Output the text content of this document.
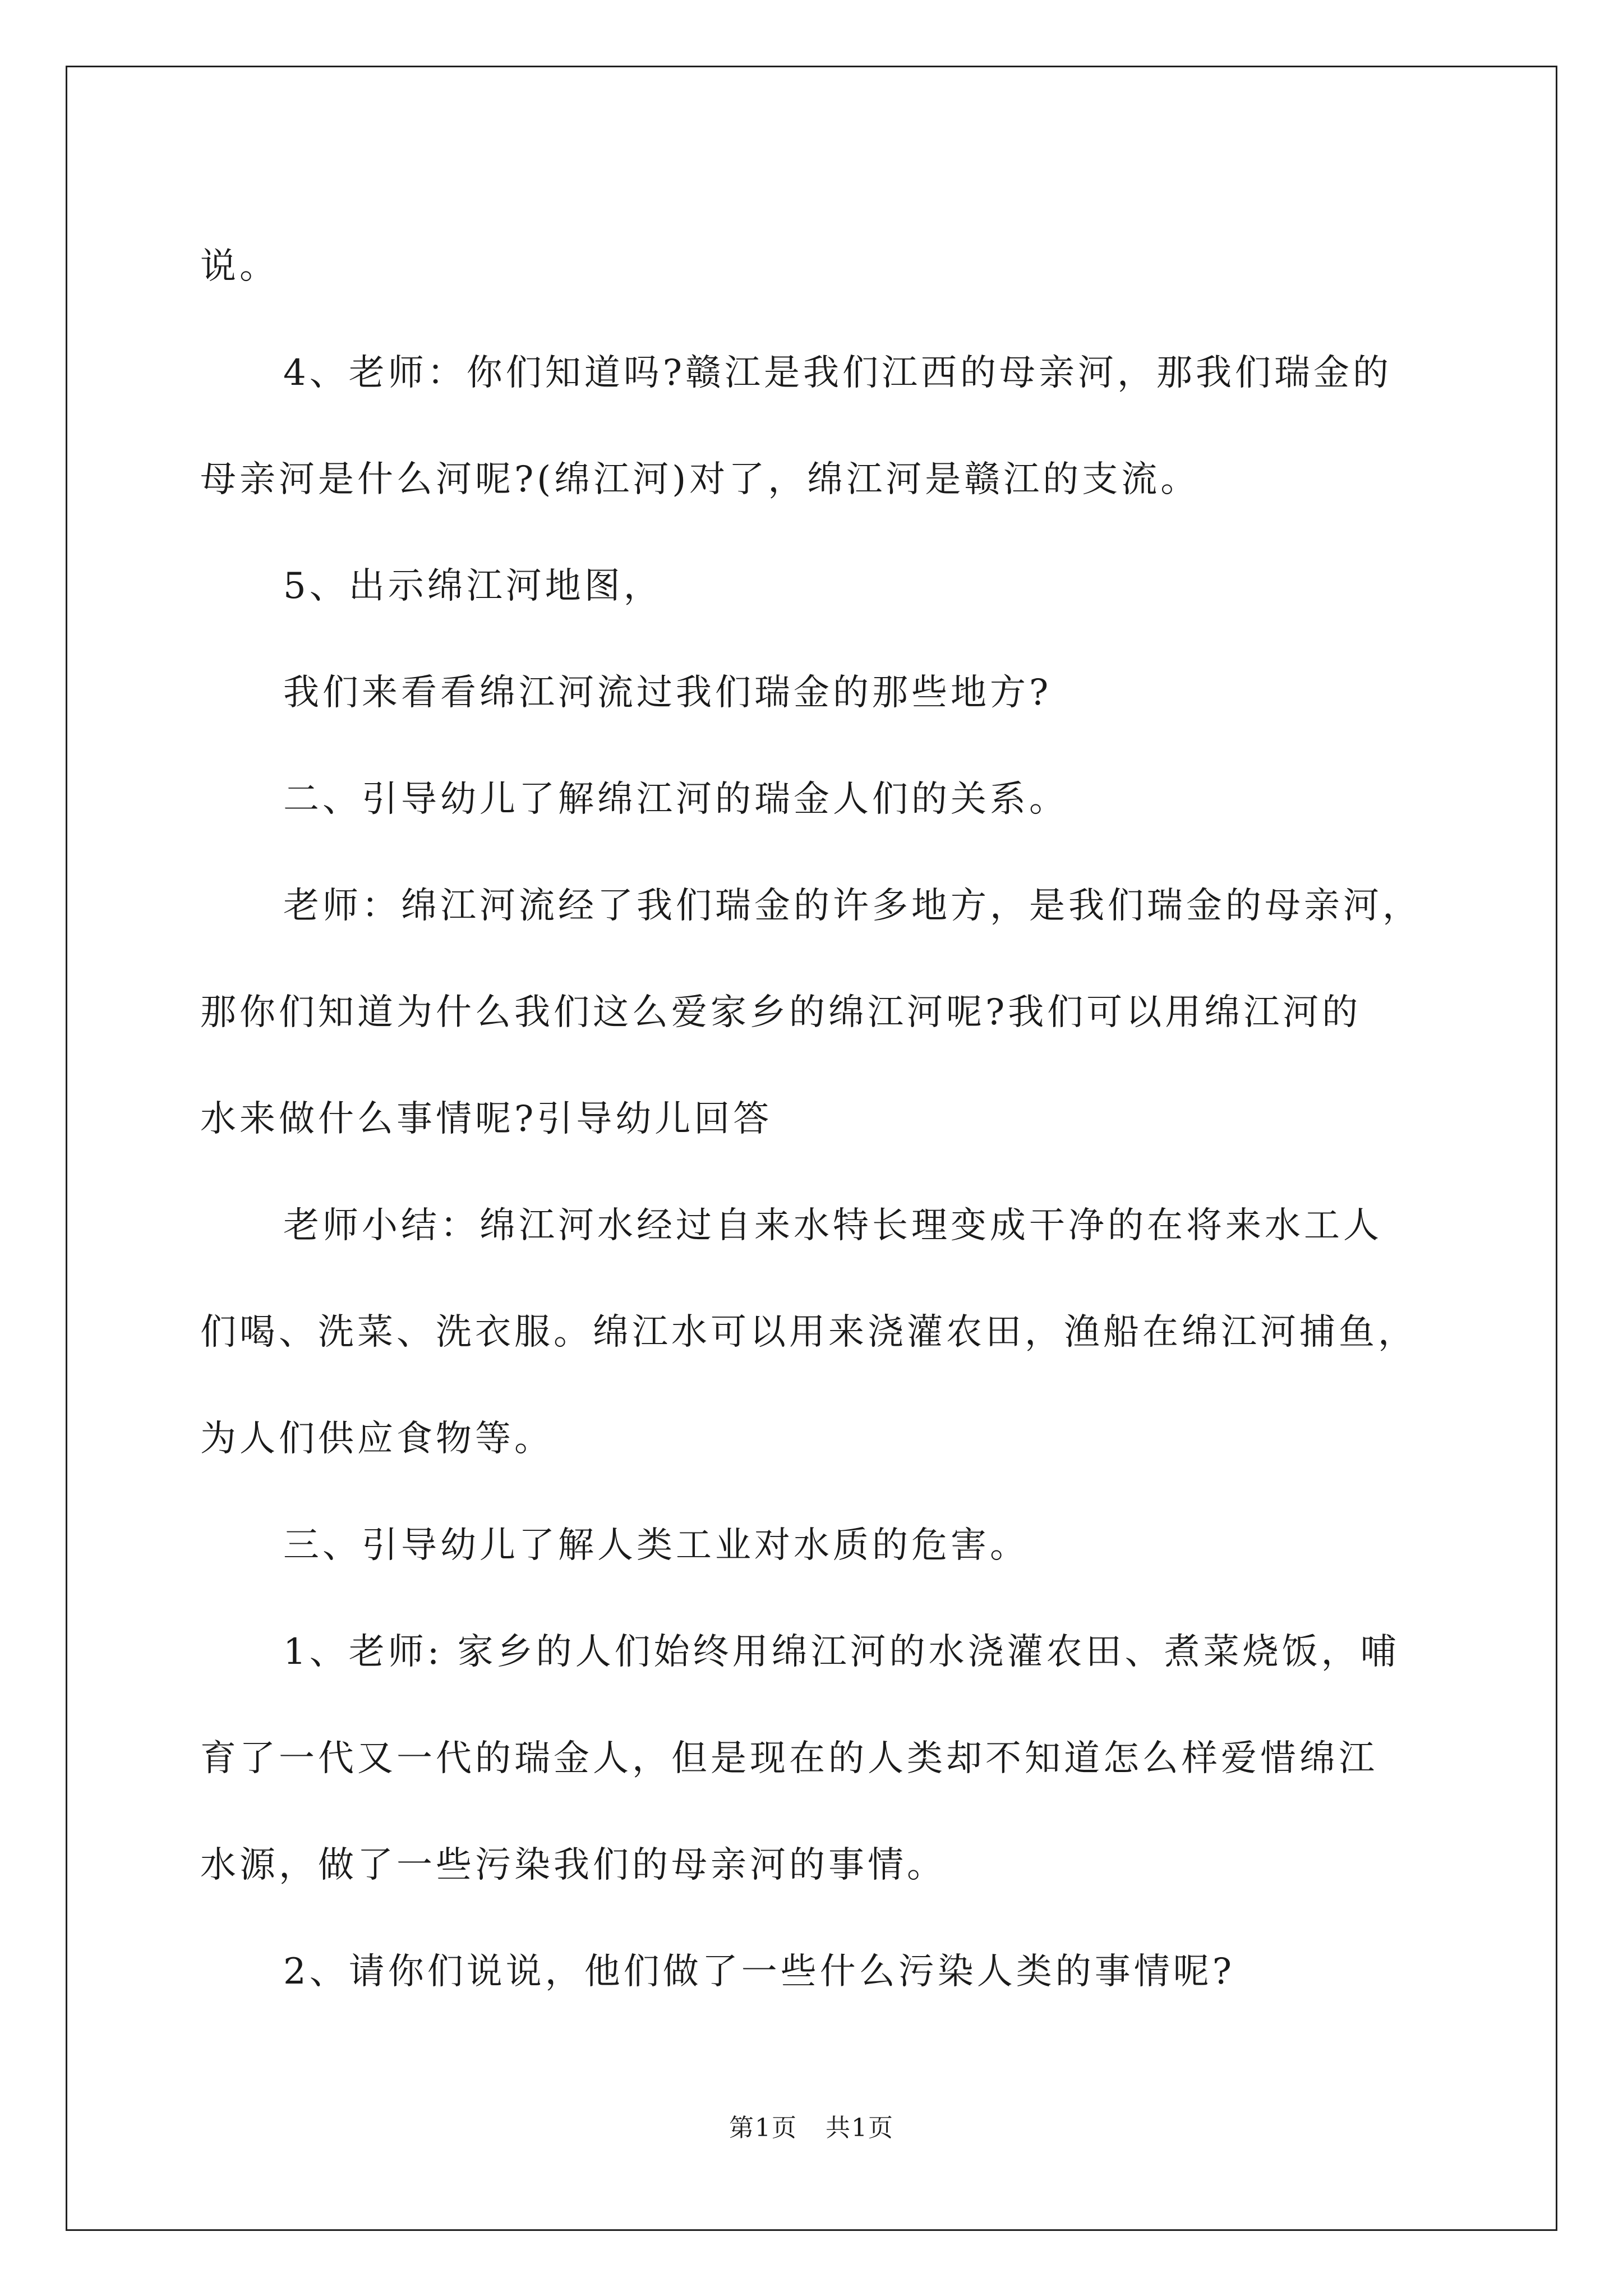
说。

4、老师：你们知道吗?赣江是我们江西的母亲河，那我们瑞金的

母亲河是什么河呢?(绵江河)对了，绵江河是赣江的支流。

5、出示绵江河地图，

我们来看看绵江河流过我们瑞金的那些地方?

二、引导幼儿了解绵江河的瑞金人们的关系。

老师：绵江河流经了我们瑞金的许多地方，是我们瑞金的母亲河，

那你们知道为什么我们这么爱家乡的绵江河呢?我们可以用绵江河的

水来做什么事情呢?引导幼儿回答

老师小结：绵江河水经过自来水特长理变成干净的在将来水工人

们喝、洗菜、洗衣服。绵江水可以用来浇灌农田，渔船在绵江河捕鱼，

为人们供应食物等。

三、引导幼儿了解人类工业对水质的危害。

1、老师: 家乡的人们始终用绵江河的水浇灌农田、煮菜烧饭，哺

育了一代又一代的瑞金人，但是现在的人类却不知道怎么样爱惜绵江

水源，做了一些污染我们的母亲河的事情。

2、请你们说说，他们做了一些什么污染人类的事情呢?

第1页 共1页
